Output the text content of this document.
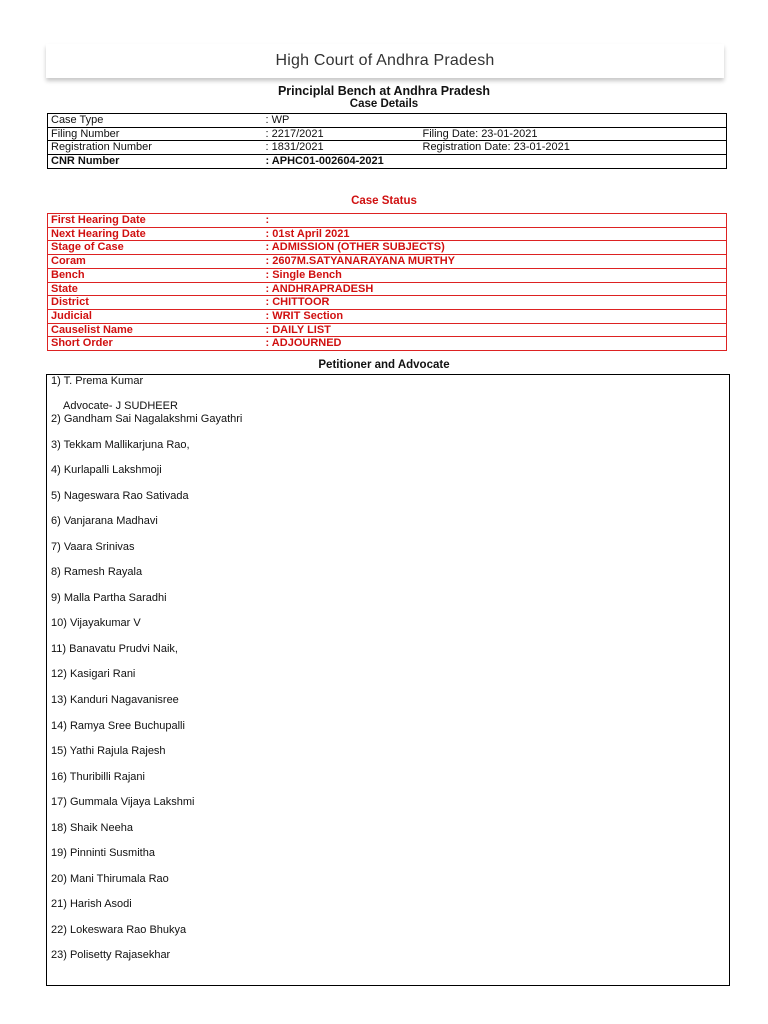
High Court of Andhra Pradesh
Principlal Bench at Andhra Pradesh
Case Details
Case Type	: WP	
Filing Number	: 2217/2021	Filing Date: 23-01-2021
Registration Number	: 1831/2021	Registration Date: 23-01-2021
CNR Number	: APHC01-002604-2021	
Case Status
First Hearing Date	:
Next Hearing Date	: 01st April 2021
Stage of Case	: ADMISSION (OTHER SUBJECTS)
Coram	: 2607M.SATYANARAYANA MURTHY
Bench	: Single Bench
State	: ANDHRAPRADESH
District	: CHITTOOR
Judicial	: WRIT Section
Causelist Name	: DAILY LIST
Short Order	: ADJOURNED
Petitioner and Advocate
1) T. Prema Kumar
Advocate- J SUDHEER
2) Gandham Sai Nagalakshmi Gayathri
3) Tekkam Mallikarjuna Rao,
4) Kurlapalli Lakshmoji
5) Nageswara Rao Sativada
6) Vanjarana Madhavi
7) Vaara Srinivas
8) Ramesh Rayala
9) Malla Partha Saradhi
10) Vijayakumar V
11) Banavatu Prudvi Naik,
12) Kasigari Rani
13) Kanduri Nagavanisree
14) Ramya Sree Buchupalli
15) Yathi Rajula Rajesh
16) Thuribilli Rajani
17) Gummala Vijaya Lakshmi
18) Shaik Neeha
19) Pinninti Susmitha
20) Mani Thirumala Rao
21) Harish Asodi
22) Lokeswara Rao Bhukya
23) Polisetty Rajasekhar
